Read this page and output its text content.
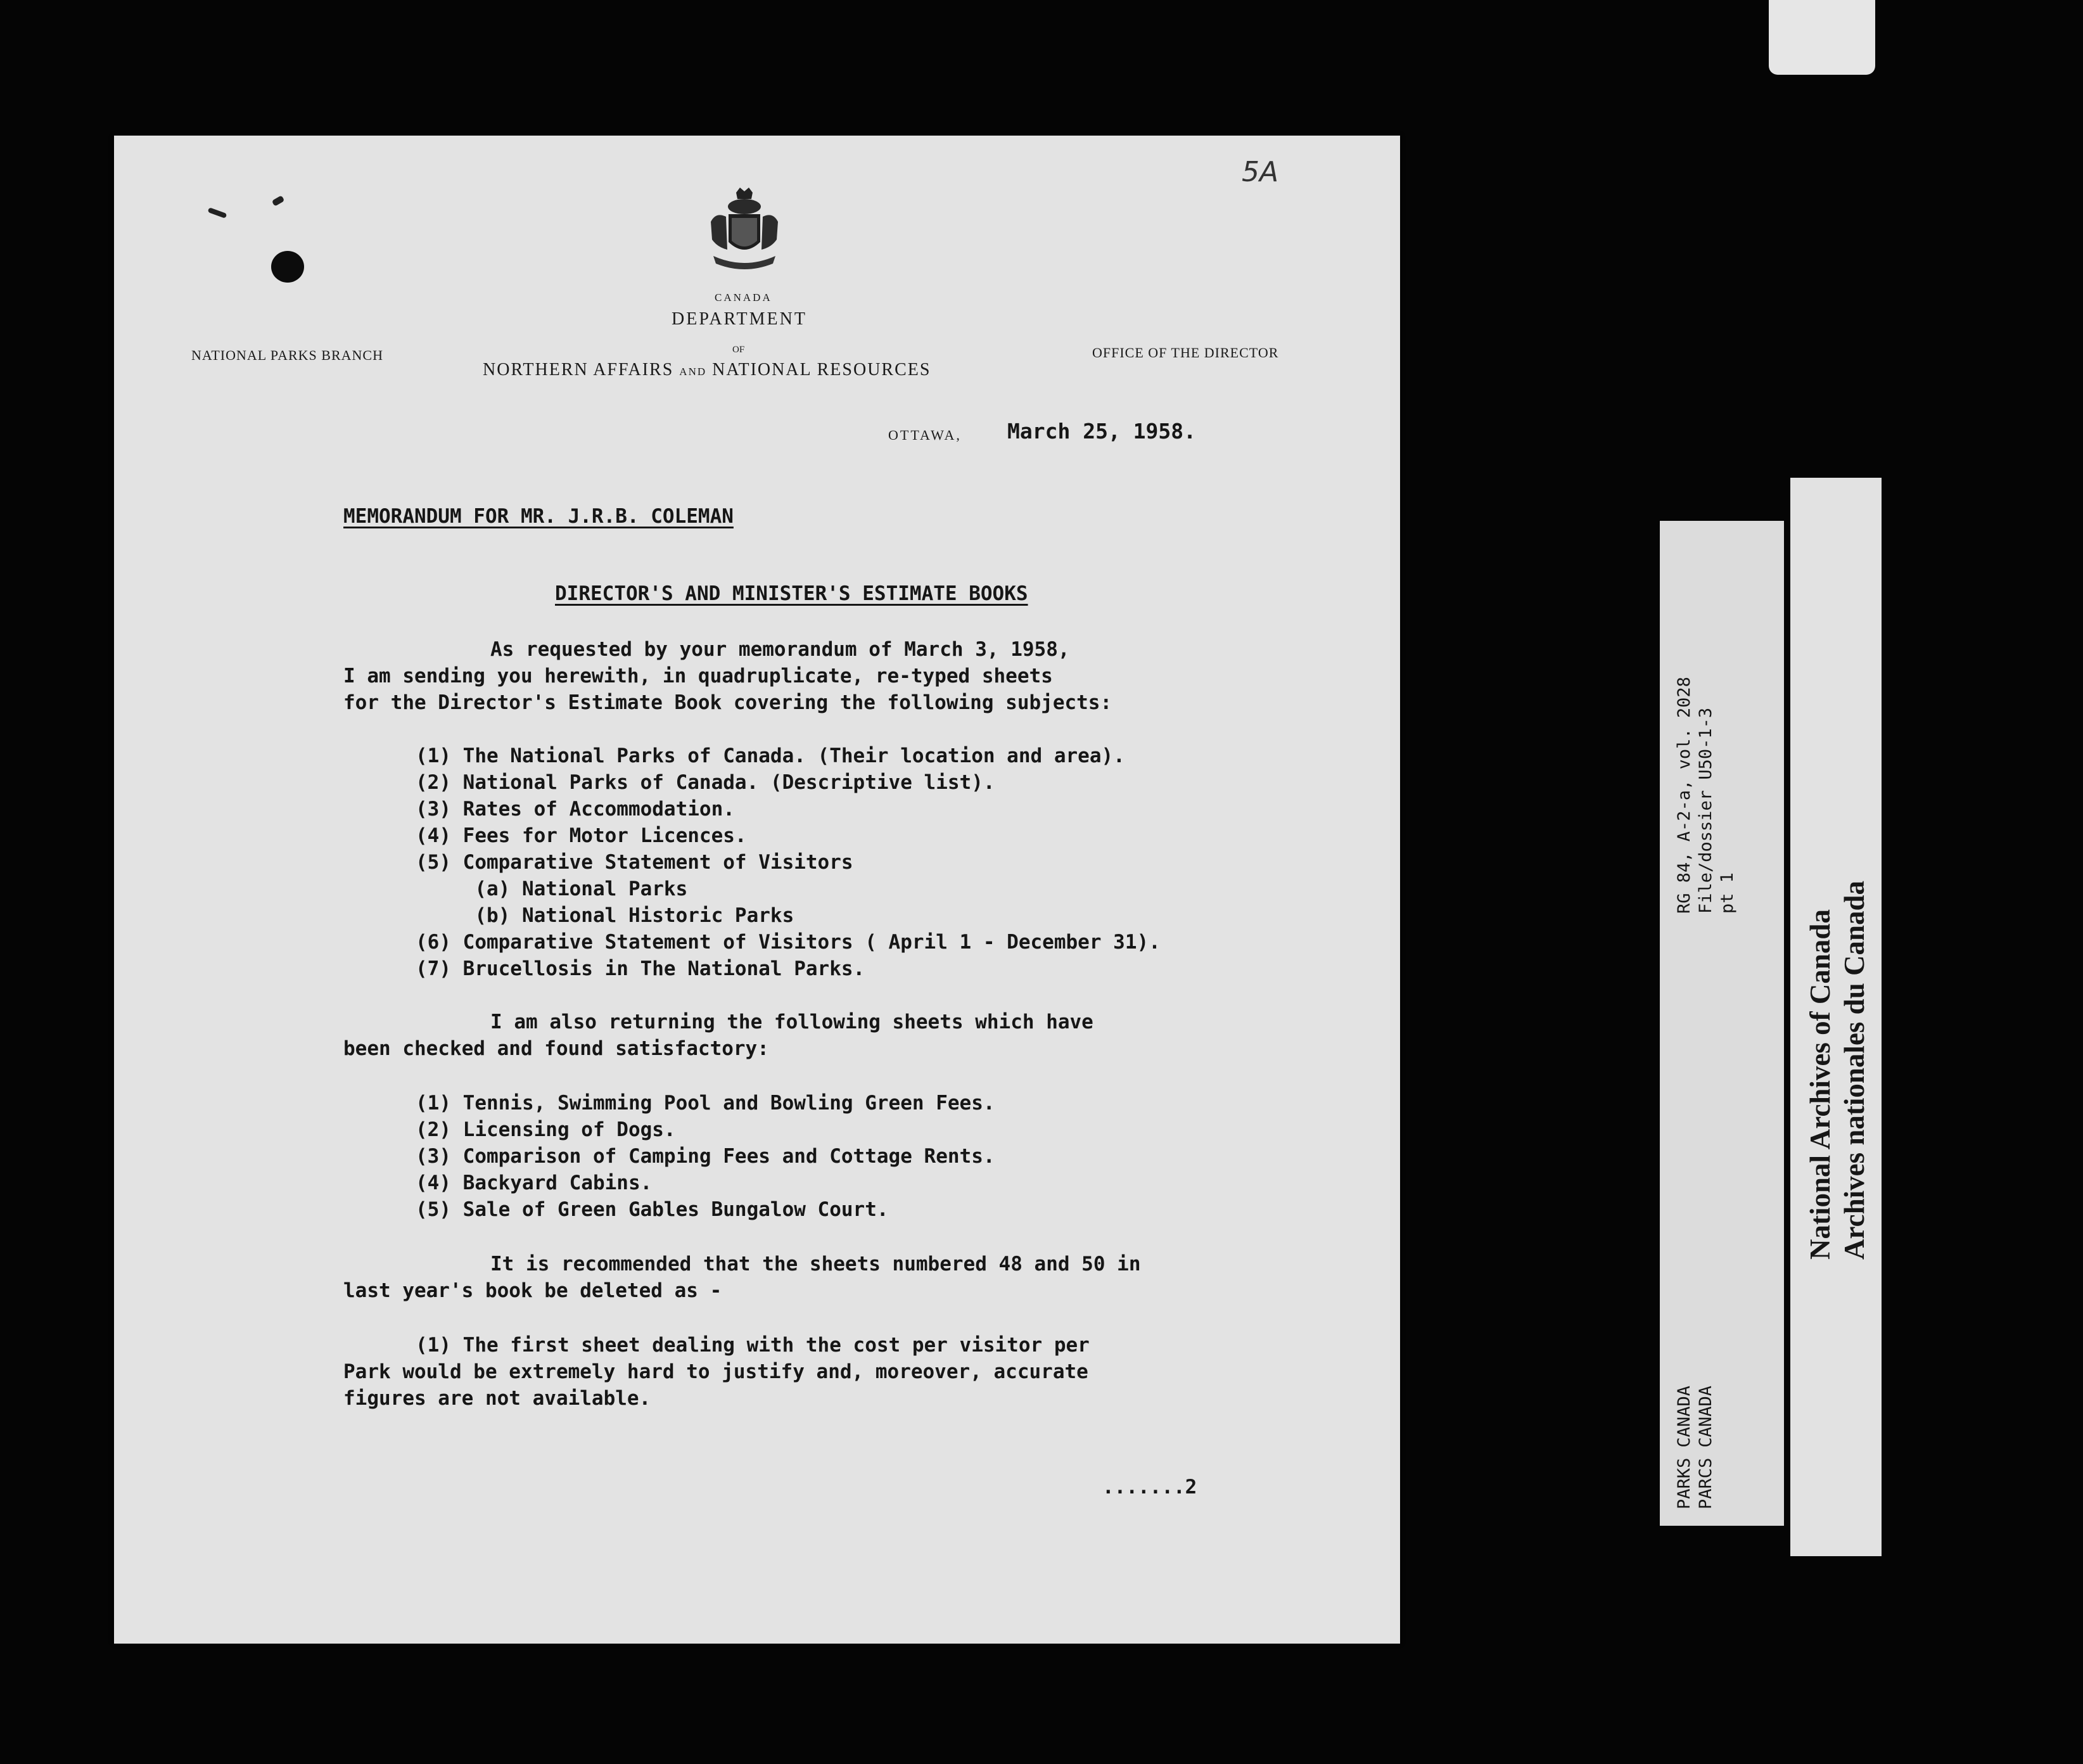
5A
CANADA
DEPARTMENT
OF
NORTHERN AFFAIRS AND NATIONAL RESOURCES
NATIONAL PARKS BRANCH	OFFICE OF THE DIRECTOR
OTTAWA, March 25, 1958.
MEMORANDUM FOR MR. J.R.B. COLEMAN
DIRECTOR'S AND MINISTER'S ESTIMATE BOOKS
As requested by your memorandum of March 3, 1958,
I am sending you herewith, in quadruplicate, re-typed sheets
for the Director's Estimate Book covering the following subjects:
(1) The National Parks of Canada. (Their location and area).
(2) National Parks of Canada. (Descriptive list).
(3) Rates of Accommodation.
(4) Fees for Motor Licences.
(5) Comparative Statement of Visitors
(a) National Parks
(b) National Historic Parks
(6) Comparative Statement of Visitors ( April 1 - December 31).
(7) Brucellosis in The National Parks.
I am also returning the following sheets which have
been checked and found satisfactory:
(1) Tennis, Swimming Pool and Bowling Green Fees.
(2) Licensing of Dogs.
(3) Comparison of Camping Fees and Cottage Rents.
(4) Backyard Cabins.
(5) Sale of Green Gables Bungalow Court.
It is recommended that the sheets numbered 48 and 50 in
last year's book be deleted as -
(1) The first sheet dealing with the cost per visitor per
Park would be extremely hard to justify and, moreover, accurate
figures are not available.
.......2
RG 84, A-2-a, vol. 2028 File/dossier U50-1-3 pt 1
PARKS CANADA PARCS CANADA
National Archives of Canada Archives nationales du Canada
